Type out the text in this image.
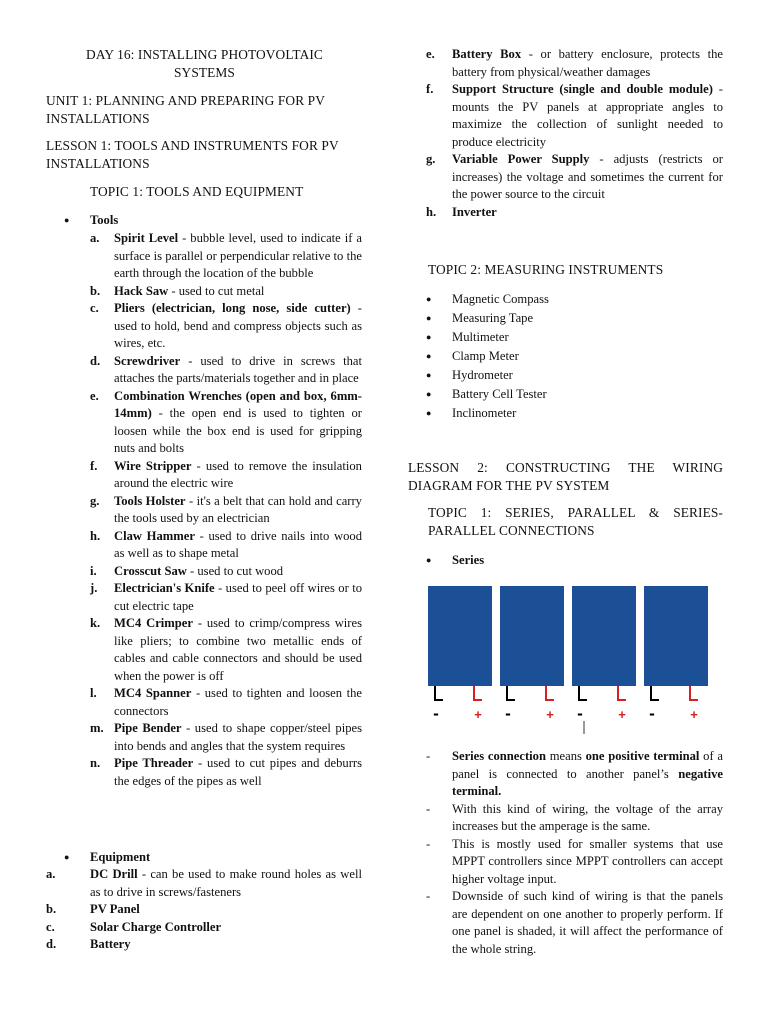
DAY 16: INSTALLING PHOTOVOLTAIC
SYSTEMS
UNIT 1: PLANNING AND PREPARING FOR PV INSTALLATIONS
LESSON 1: TOOLS AND INSTRUMENTS FOR PV INSTALLATIONS
TOPIC 1: TOOLS AND EQUIPMENT
● Tools
a. Spirit Level - bubble level, used to indicate if a surface is parallel or perpendicular relative to the earth through the location of the bubble
b. Hack Saw - used to cut metal
c. Pliers (electrician, long nose, side cutter) - used to hold, bend and compress objects such as wires, etc.
d. Screwdriver - used to drive in screws that attaches the parts/materials together and in place
e. Combination Wrenches (open and box, 6mm-14mm) - the open end is used to tighten or loosen while the box end is used for gripping nuts and bolts
f. Wire Stripper - used to remove the insulation around the electric wire
g. Tools Holster - it's a belt that can hold and carry the tools used by an electrician
h. Claw Hammer - used to drive nails into wood as well as to shape metal
i. Crosscut Saw - used to cut wood
j. Electrician's Knife - used to peel off wires or to cut electric tape
k. MC4 Crimper - used to crimp/compress wires like pliers; to combine two metallic ends of cables and cable connectors and should be used when the power is off
l. MC4 Spanner - used to tighten and loosen the connectors
m. Pipe Bender - used to shape copper/steel pipes into bends and angles that the system requires
n. Pipe Threader - used to cut pipes and deburrs the edges of the pipes as well
● Equipment
a.	DC Drill - can be used to make round holes as well as to drive in screws/fasteners
b.	PV Panel
c.	Solar Charge Controller
d.	Battery
e. Battery Box - or battery enclosure, protects the battery from physical/weather damages
f. Support Structure (single and double module) - mounts the PV panels at appropriate angles to maximize the collection of sunlight needed to produce electricity
g. Variable Power Supply - adjusts (restricts or increases) the voltage and sometimes the current for the power source to the circuit
h. Inverter
TOPIC 2: MEASURING INSTRUMENTS
● Magnetic Compass
● Measuring Tape
● Multimeter
● Clamp Meter
● Hydrometer
● Battery Cell Tester
● Inclinometer
LESSON 2: CONSTRUCTING THE WIRING DIAGRAM FOR THE PV SYSTEM
TOPIC 1: SERIES, PARALLEL & SERIES-PARALLEL CONNECTIONS
● Series
-	+ -	+ -	+ -	+
- Series connection means one positive terminal of a panel is connected to another panel’s negative terminal.
- With this kind of wiring, the voltage of the array increases but the amperage is the same.
- This is mostly used for smaller systems that use MPPT controllers since MPPT controllers can accept higher voltage input.
- Downside of such kind of wiring is that the panels are dependent on one another to properly perform. If one panel is shaded, it will affect the performance of the whole string.
